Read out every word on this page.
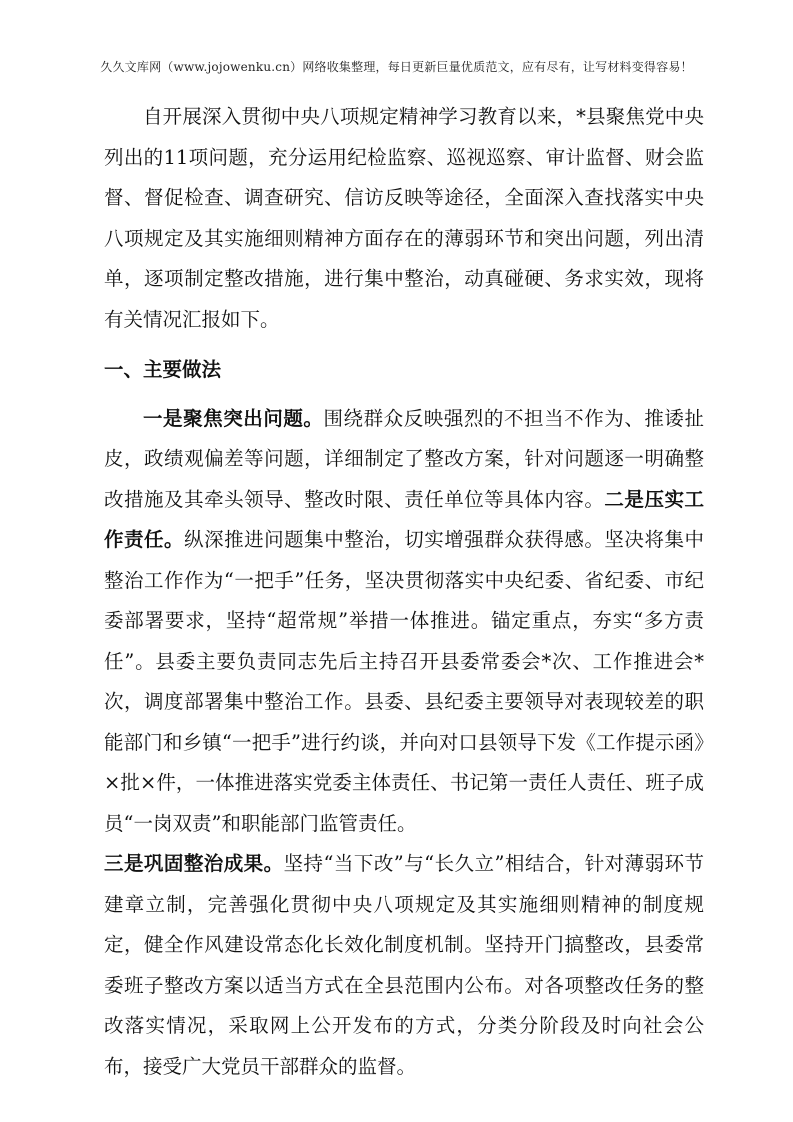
久久文库网（www.jojowenku.cn）网络收集整理，每日更新巨量优质范文，应有尽有，让写材料变得容易！

自开展深入贯彻中央八项规定精神学习教育以来，*县聚焦党中央列出的11项问题，充分运用纪检监察、巡视巡察、审计监督、财会监督、督促检查、调查研究、信访反映等途径，全面深入查找落实中央八项规定及其实施细则精神方面存在的薄弱环节和突出问题，列出清单，逐项制定整改措施，进行集中整治，动真碰硬、务求实效，现将有关情况汇报如下。

一、主要做法

一是聚焦突出问题。围绕群众反映强烈的不担当不作为、推诿扯皮，政绩观偏差等问题，详细制定了整改方案，针对问题逐一明确整改措施及其牵头领导、整改时限、责任单位等具体内容。二是压实工作责任。纵深推进问题集中整治，切实增强群众获得感。坚决将集中整治工作作为“一把手”任务，坚决贯彻落实中央纪委、省纪委、市纪委部署要求，坚持“超常规”举措一体推进。锚定重点，夯实“多方责任”。县委主要负责同志先后主持召开县委常委会*次、工作推进会*次，调度部署集中整治工作。县委、县纪委主要领导对表现较差的职能部门和乡镇“一把手”进行约谈，并向对口县领导下发《工作提示函》×批×件，一体推进落实党委主体责任、书记第一责任人责任、班子成员“一岗双责”和职能部门监管责任。

三是巩固整治成果。坚持“当下改”与“长久立”相结合，针对薄弱环节建章立制，完善强化贯彻中央八项规定及其实施细则精神的制度规定，健全作风建设常态化长效化制度机制。坚持开门搞整改，县委常委班子整改方案以适当方式在全县范围内公布。对各项整改任务的整改落实情况，采取网上公开发布的方式，分类分阶段及时向社会公布，接受广大党员干部群众的监督。
